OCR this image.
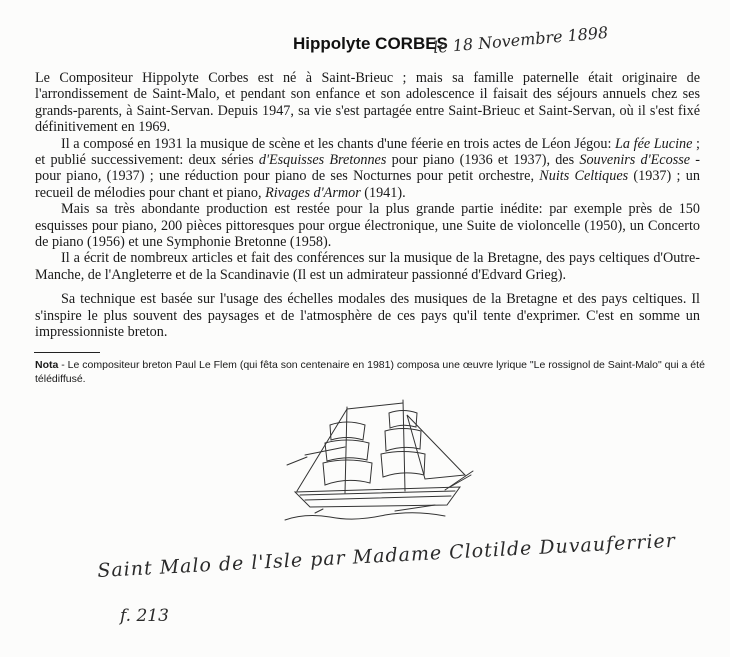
Hippolyte CORBES
le 18 Novembre 1898

Le Compositeur Hippolyte Corbes est né à Saint-Brieuc ; mais sa famille paternelle était originaire de l'arrondissement de Saint-Malo, et pendant son enfance et son adolescence il faisait des séjours annuels chez ses grands-parents, à Saint-Servan. Depuis 1947, sa vie s'est partagée entre Saint-Brieuc et Saint-Servan, où il s'est fixé définitivement en 1969.

Il a composé en 1931 la musique de scène et les chants d'une féerie en trois actes de Léon Jégou: La fée Lucine ; et publié successivement: deux séries d'Esquisses Bretonnes pour piano (1936 et 1937), des Souvenirs d'Ecosse - pour piano, (1937) ; une réduction pour piano de ses Nocturnes pour petit orchestre, Nuits Celtiques (1937) ; un recueil de mélodies pour chant et piano, Rivages d'Armor (1941).

Mais sa très abondante production est restée pour la plus grande partie inédite: par exemple près de 150 esquisses pour piano, 200 pièces pittoresques pour orgue électronique, une Suite de violoncelle (1950), un Concerto de piano (1956) et une Symphonie Bretonne (1958).

Il a écrit de nombreux articles et fait des conférences sur la musique de la Bretagne, des pays celtiques d'Outre-Manche, de l'Angleterre et de la Scandinavie (Il est un admirateur passionné d'Edvard Grieg).

Sa technique est basée sur l'usage des échelles modales des musiques de la Bretagne et des pays celtiques. Il s'inspire le plus souvent des paysages et de l'atmosphère de ces pays qu'il tente d'exprimer. C'est en somme un impressionniste breton.

Nota - Le compositeur breton Paul Le Flem (qui fêta son centenaire en 1981) composa une œuvre lyrique "Le rossignol de Saint-Malo" qui a été télédiffusé.
Saint Malo de l'Isle par Madame Clotilde Duvauferrier
f. 213
